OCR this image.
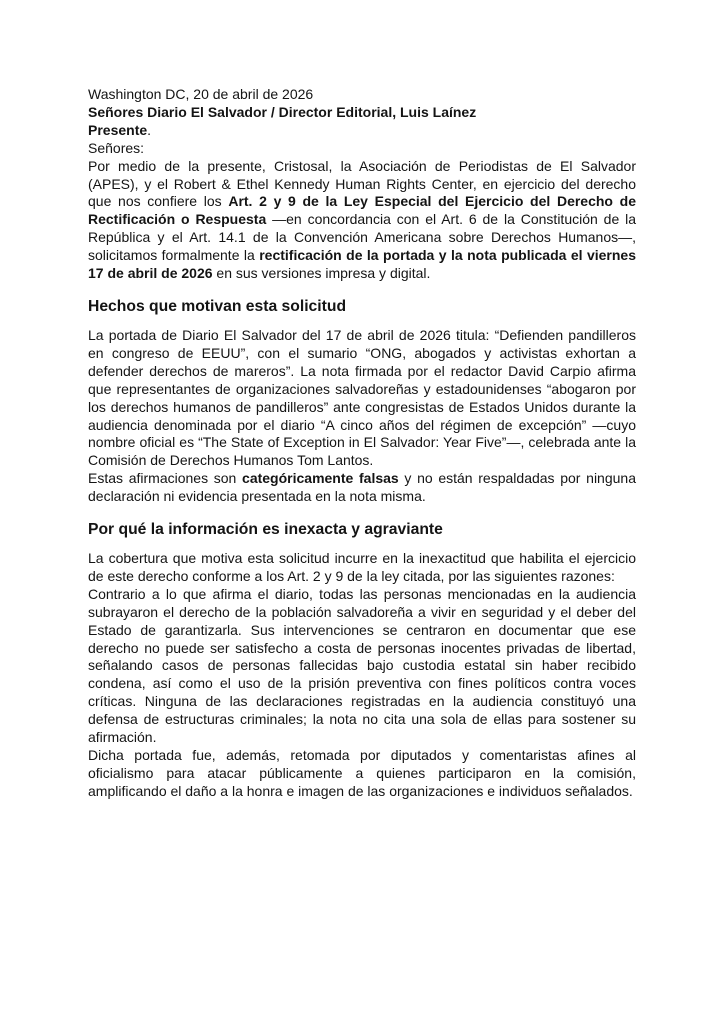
Washington DC, 20 de abril de 2026

Señores Diario El Salvador / Director Editorial, Luis Laínez

Presente.

Señores:

Por medio de la presente, Cristosal, la Asociación de Periodistas de El Salvador (APES), y el Robert & Ethel Kennedy Human Rights Center, en ejercicio del derecho que nos confiere los Art. 2 y 9 de la Ley Especial del Ejercicio del Derecho de Rectificación o Respuesta —en concordancia con el Art. 6 de la Constitución de la República y el Art. 14.1 de la Convención Americana sobre Derechos Humanos—, solicitamos formalmente la rectificación de la portada y la nota publicada el viernes 17 de abril de 2026 en sus versiones impresa y digital.

Hechos que motivan esta solicitud

La portada de Diario El Salvador del 17 de abril de 2026 titula: “Defienden pandilleros en congreso de EEUU”, con el sumario “ONG, abogados y activistas exhortan a defender derechos de mareros”. La nota firmada por el redactor David Carpio afirma que representantes de organizaciones salvadoreñas y estadounidenses “abogaron por los derechos humanos de pandilleros” ante congresistas de Estados Unidos durante la audiencia denominada por el diario “A cinco años del régimen de excepción” —cuyo nombre oficial es “The State of Exception in El Salvador: Year Five”—, celebrada ante la Comisión de Derechos Humanos Tom Lantos.

Estas afirmaciones son categóricamente falsas y no están respaldadas por ninguna declaración ni evidencia presentada en la nota misma.

Por qué la información es inexacta y agraviante

La cobertura que motiva esta solicitud incurre en la inexactitud que habilita el ejercicio de este derecho conforme a los Art. 2 y 9 de la ley citada, por las siguientes razones:

Contrario a lo que afirma el diario, todas las personas mencionadas en la audiencia subrayaron el derecho de la población salvadoreña a vivir en seguridad y el deber del Estado de garantizarla. Sus intervenciones se centraron en documentar que ese derecho no puede ser satisfecho a costa de personas inocentes privadas de libertad, señalando casos de personas fallecidas bajo custodia estatal sin haber recibido condena, así como el uso de la prisión preventiva con fines políticos contra voces críticas. Ninguna de las declaraciones registradas en la audiencia constituyó una defensa de estructuras criminales; la nota no cita una sola de ellas para sostener su afirmación.

Dicha portada fue, además, retomada por diputados y comentaristas afines al oficialismo para atacar públicamente a quienes participaron en la comisión, amplificando el daño a la honra e imagen de las organizaciones e individuos señalados.
